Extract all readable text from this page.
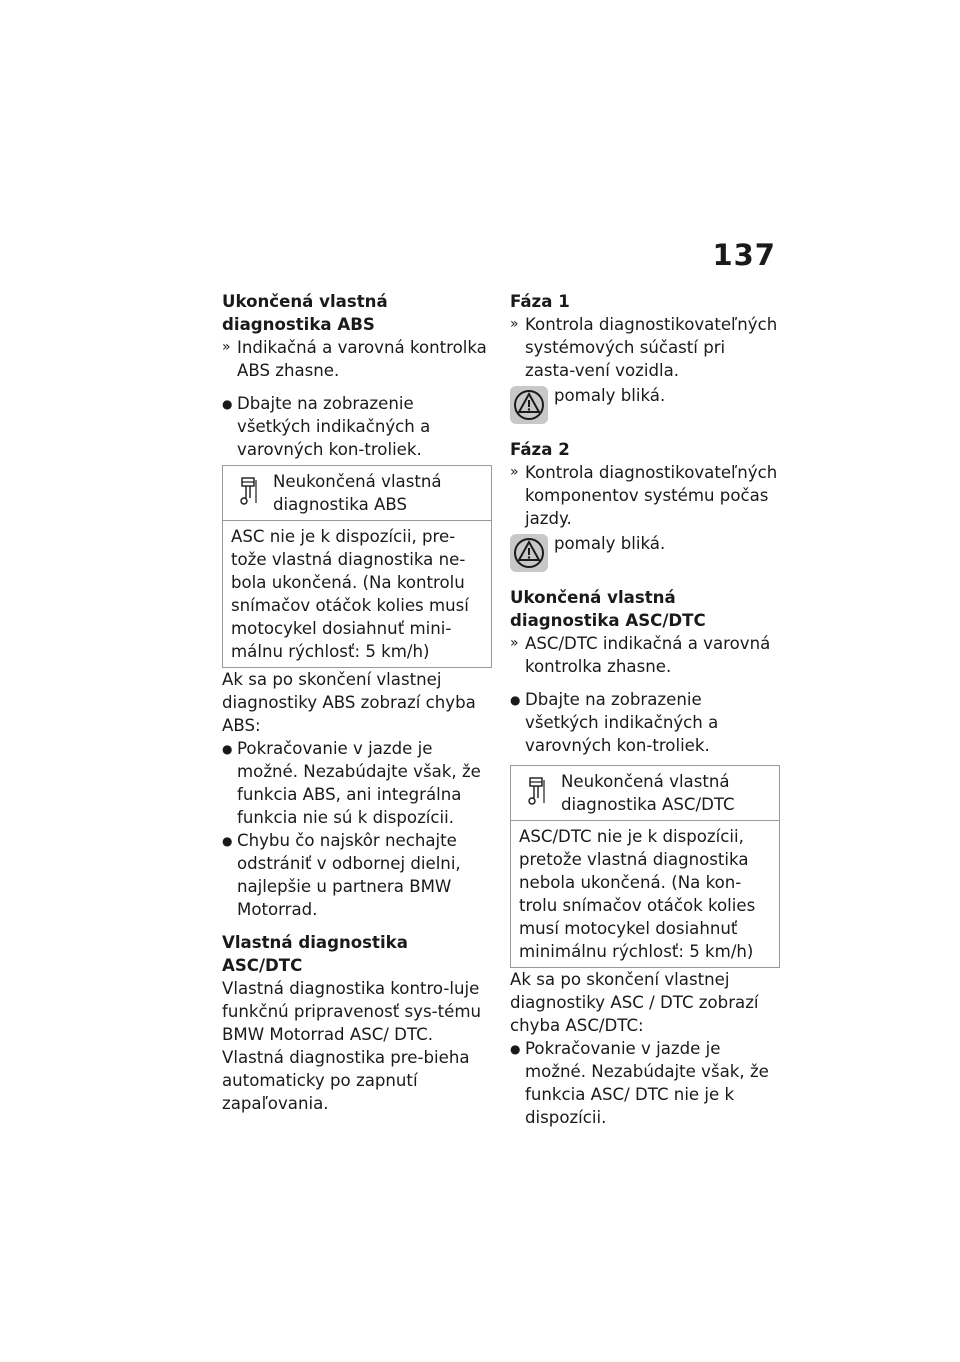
137
Ukončená vlastná diagnostika ABS

» Indikačná a varovná kontrolka ABS zhasne.

● Dbajte na zobrazenie všetkých indikačných a varovných kon-troliek.

Neukončená vlastná diagnostika ABS
ASC nie je k dispozícii, pre-tože vlastná diagnostika ne-bola ukončená. (Na kontrolu snímačov otáčok kolies musí motocykel dosiahnuť mini-málnu rýchlosť: 5 km/h)

Ak sa po skončení vlastnej diagnostiky ABS zobrazí chyba ABS:

● Pokračovanie v jazde je možné. Nezabúdajte však, že funkcia ABS, ani integrálna funkcia nie sú k dispozícii.

● Chybu čo najskôr nechajte odstrániť v odbornej dielni, najlepšie u partnera BMW Motorrad.

Vlastná diagnostika ASC/DTC

Vlastná diagnostika kontro-luje funkčnú pripravenosť sys-tému BMW Motorrad ASC/ DTC. Vlastná diagnostika pre-bieha automaticky po zapnutí zapaľovania.

Fáza 1

» Kontrola diagnostikovateľných systémových súčastí pri zasta-vení vozidla.

pomaly bliká.
Fáza 2

» Kontrola diagnostikovateľných komponentov systému počas jazdy.

pomaly bliká.
Ukončená vlastná diagnostika ASC/DTC

» ASC/DTC indikačná a varovná kontrolka zhasne.

● Dbajte na zobrazenie všetkých indikačných a varovných kon-troliek.

Neukončená vlastná diagnostika ASC/DTC
ASC/DTC nie je k dispozícii, pretože vlastná diagnostika nebola ukončená. (Na kon-trolu snímačov otáčok kolies musí motocykel dosiahnuť minimálnu rýchlosť: 5 km/h)

Ak sa po skončení vlastnej diagnostiky ASC / DTC zobrazí chyba ASC/DTC:

● Pokračovanie v jazde je možné. Nezabúdajte však, že funkcia ASC/ DTC nie je k dispozícii.
